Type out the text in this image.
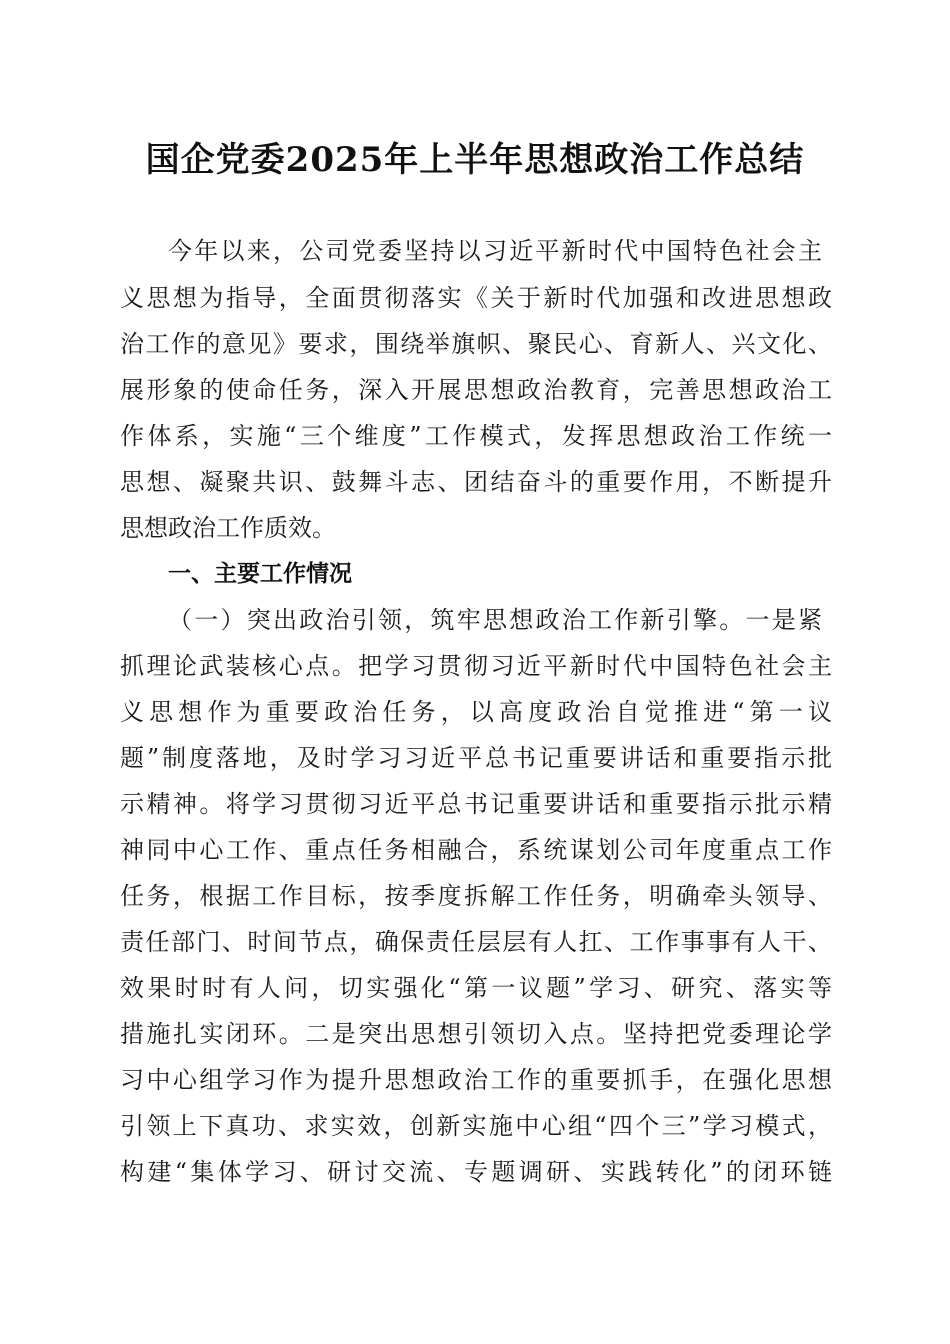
国企党委2025年上半年思想政治工作总结
今年以来，公司党委坚持以习近平新时代中国特色社会主
义思想为指导，全面贯彻落实《关于新时代加强和改进思想政
治工作的意见》要求，围绕举旗帜、聚民心、育新人、兴文化、
展形象的使命任务，深入开展思想政治教育，完善思想政治工
作体系，实施“三个维度”工作模式，发挥思想政治工作统一
思想、凝聚共识、鼓舞斗志、团结奋斗的重要作用，不断提升
思想政治工作质效。
一、主要工作情况
（一）突出政治引领，筑牢思想政治工作新引擎。一是紧
抓理论武装核心点。把学习贯彻习近平新时代中国特色社会主
义思想作为重要政治任务，以高度政治自觉推进“第一议
题”制度落地，及时学习习近平总书记重要讲话和重要指示批
示精神。将学习贯彻习近平总书记重要讲话和重要指示批示精
神同中心工作、重点任务相融合，系统谋划公司年度重点工作
任务，根据工作目标，按季度拆解工作任务，明确牵头领导、
责任部门、时间节点，确保责任层层有人扛、工作事事有人干、
效果时时有人问，切实强化“第一议题”学习、研究、落实等
措施扎实闭环。二是突出思想引领切入点。坚持把党委理论学
习中心组学习作为提升思想政治工作的重要抓手，在强化思想
引领上下真功、求实效，创新实施中心组“四个三”学习模式，
构建“集体学习、研讨交流、专题调研、实践转化”的闭环链
